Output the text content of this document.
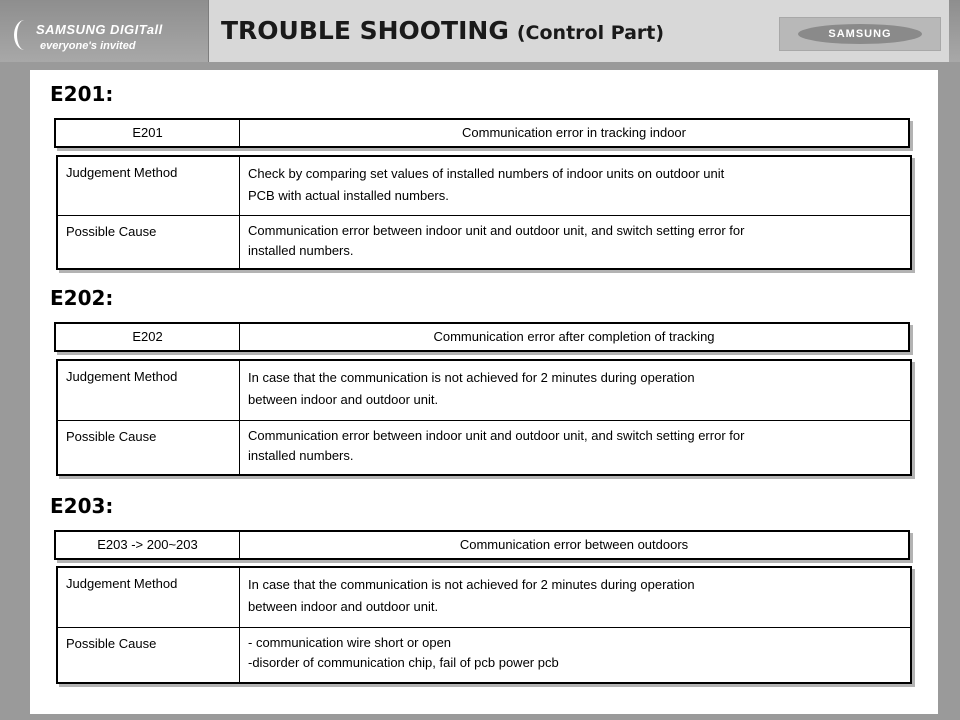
SAMSUNG DIGITall
everyone's invited
TROUBLE SHOOTING (Control Part)	SAMSUNG
E201:
E201	Communication error in tracking indoor
Judgement Method	Check by comparing set values of installed numbers of indoor units on outdoor unit
PCB with actual installed numbers.
Possible Cause	Communication error between indoor unit and outdoor unit, and switch setting error for
installed numbers.
E202:
E202	Communication error after completion of tracking
Judgement Method	In case that the communication is not achieved for 2 minutes during operation
between indoor and outdoor unit.
Possible Cause	Communication error between indoor unit and outdoor unit, and switch setting error for
installed numbers.
E203:
E203 -> 200~203	Communication error between outdoors
Judgement Method	In case that the communication is not achieved for 2 minutes during operation
between indoor and outdoor unit.
Possible Cause	- communication wire short or open
-disorder of communication chip, fail of pcb power pcb
